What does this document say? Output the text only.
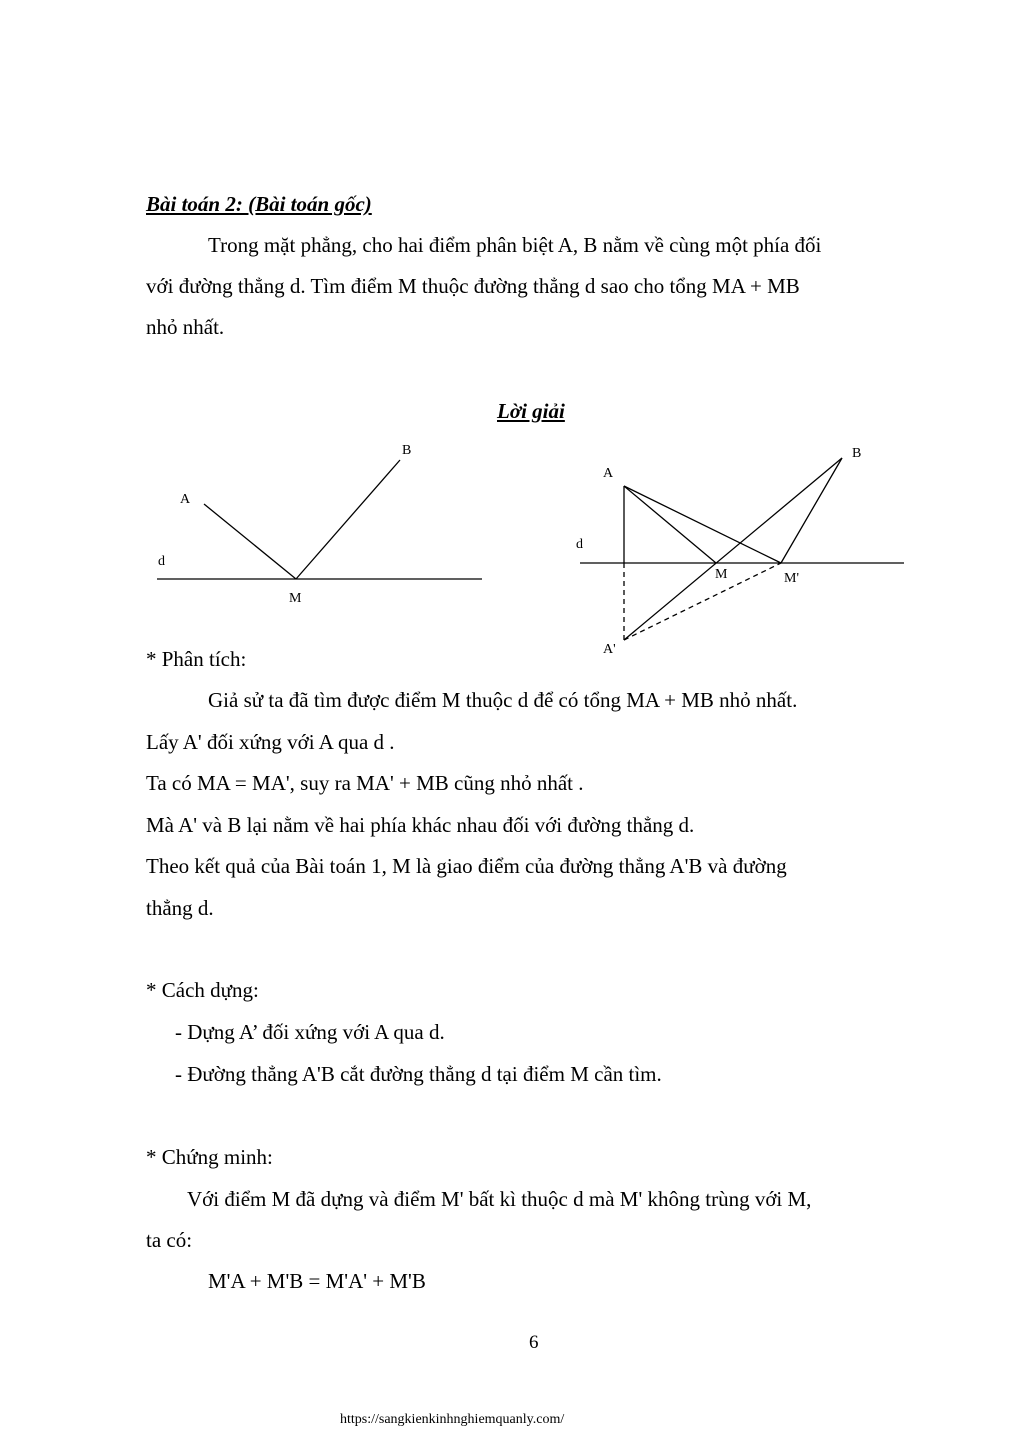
Bài toán 2: (Bài toán gốc)
Trong mặt phẳng, cho hai điểm phân biệt A, B nằm về cùng một phía đối
với đường thẳng d. Tìm điểm M thuộc đường thẳng d sao cho tổng MA + MB
nhỏ nhất.
Lời giải
B
A
d
M
B
A
d
M	M'
A'
* Phân tích:
Giả sử ta đã tìm được điểm M thuộc d để có tổng MA + MB nhỏ nhất.
Lấy A' đối xứng với A qua d .
Ta có MA = MA', suy ra MA' + MB cũng nhỏ nhất .
Mà A' và B lại nằm về hai phía khác nhau đối với đường thẳng d.
Theo kết quả của Bài toán 1, M là giao điểm của đường thẳng A'B và đường
thẳng d.
* Cách dựng:
- Dựng A’ đối xứng với A qua d.
- Đường thẳng A'B cắt đường thẳng d tại điểm M cần tìm.
* Chứng minh:
Với điểm M đã dựng và điểm M' bất kì thuộc d mà M' không trùng với M,
ta có:
M'A + M'B = M'A' + M'B
6
https://sangkienkinhnghiemquanly.com/
